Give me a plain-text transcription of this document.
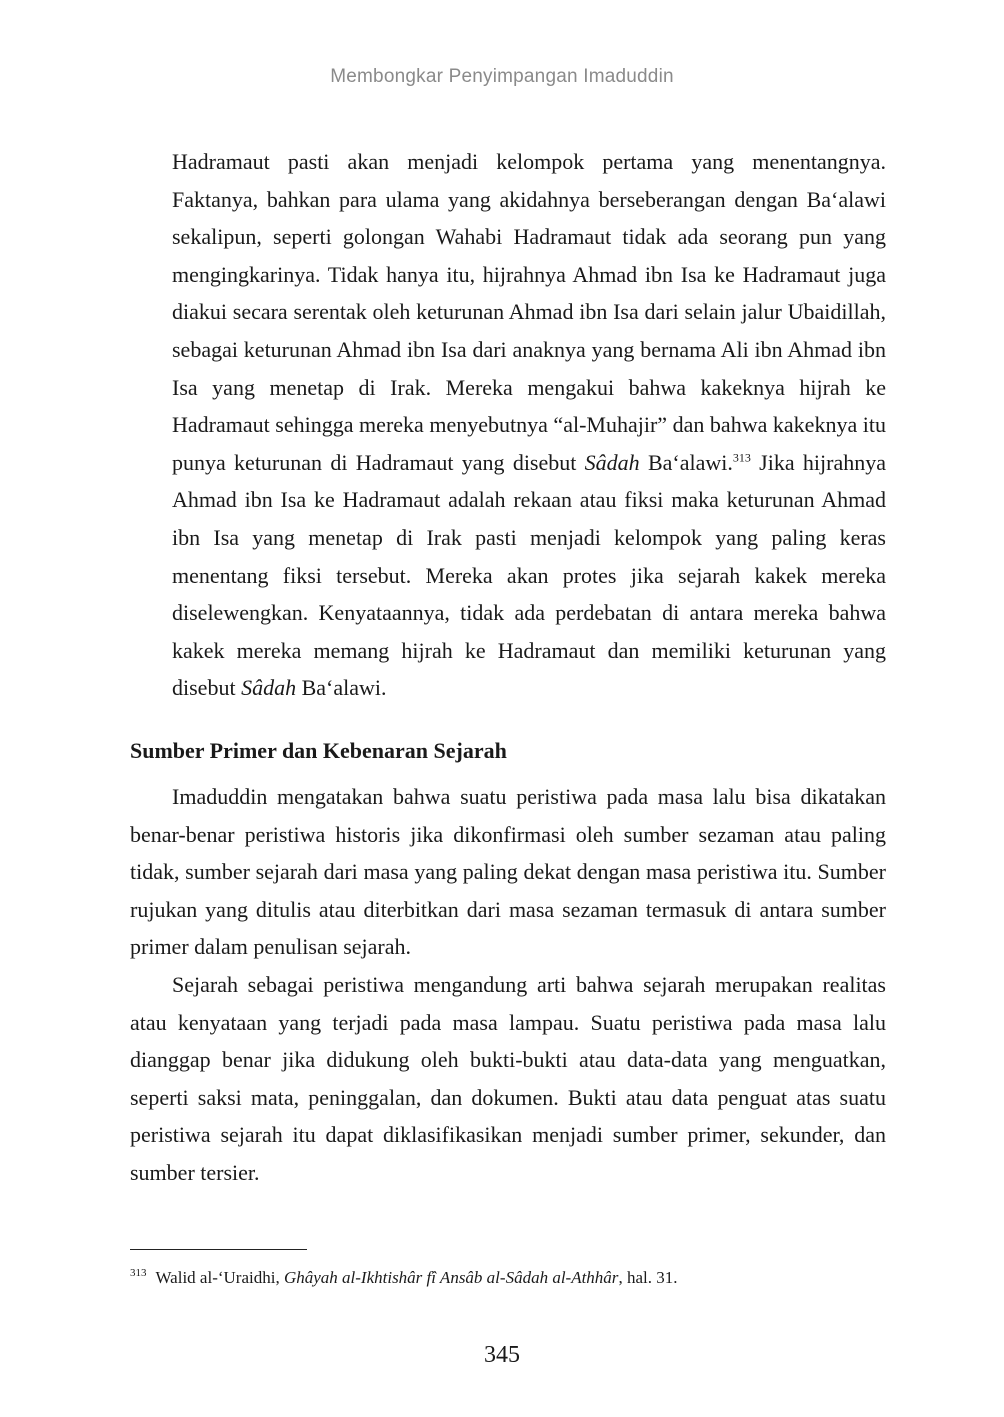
Membongkar Penyimpangan Imaduddin

Hadramaut pasti akan menjadi kelompok pertama yang menentangnya. Faktanya, bahkan para ulama yang akidahnya berseberangan dengan Ba‘alawi sekalipun, seperti golongan Wahabi Hadramaut tidak ada seorang pun yang mengingkarinya. Tidak hanya itu, hijrahnya Ahmad ibn Isa ke Hadramaut juga diakui secara serentak oleh keturunan Ahmad ibn Isa dari selain jalur Ubaidillah, sebagai keturunan Ahmad ibn Isa dari anaknya yang bernama Ali ibn Ahmad ibn Isa yang menetap di Irak. Mereka mengakui bahwa kakeknya hijrah ke Hadramaut sehingga mereka menyebutnya “al-Muhajir” dan bahwa kakeknya itu punya keturunan di Hadramaut yang disebut Sâdah Ba‘alawi.$^{313}$ Jika hijrahnya Ahmad ibn Isa ke Hadramaut adalah rekaan atau fiksi maka keturunan Ahmad ibn Isa yang menetap di Irak pasti menjadi kelompok yang paling keras menentang fiksi tersebut. Mereka akan protes jika sejarah kakek mereka diselewengkan. Kenyataannya, tidak ada perdebatan di antara mereka bahwa kakek mereka memang hijrah ke Hadramaut dan memiliki keturunan yang disebut Sâdah Ba‘alawi.

Sumber Primer dan Kebenaran Sejarah

Imaduddin mengatakan bahwa suatu peristiwa pada masa lalu bisa dikatakan benar-benar peristiwa historis jika dikonfirmasi oleh sumber sezaman atau paling tidak, sumber sejarah dari masa yang paling dekat dengan masa peristiwa itu. Sumber rujukan yang ditulis atau diterbitkan dari masa sezaman termasuk di antara sumber primer dalam penulisan sejarah.

Sejarah sebagai peristiwa mengandung arti bahwa sejarah merupakan realitas atau kenyataan yang terjadi pada masa lampau. Suatu peristiwa pada masa lalu dianggap benar jika didukung oleh bukti-bukti atau data-data yang menguatkan, seperti saksi mata, peninggalan, dan dokumen. Bukti atau data penguat atas suatu peristiwa sejarah itu dapat diklasifikasikan menjadi sumber primer, sekunder, dan sumber tersier.

$^{313}$ Walid al-‘Uraidhi, Ghâyah al-Ikhtishâr fî Ansâb al-Sâdah al-Athhâr, hal. 31.

345
